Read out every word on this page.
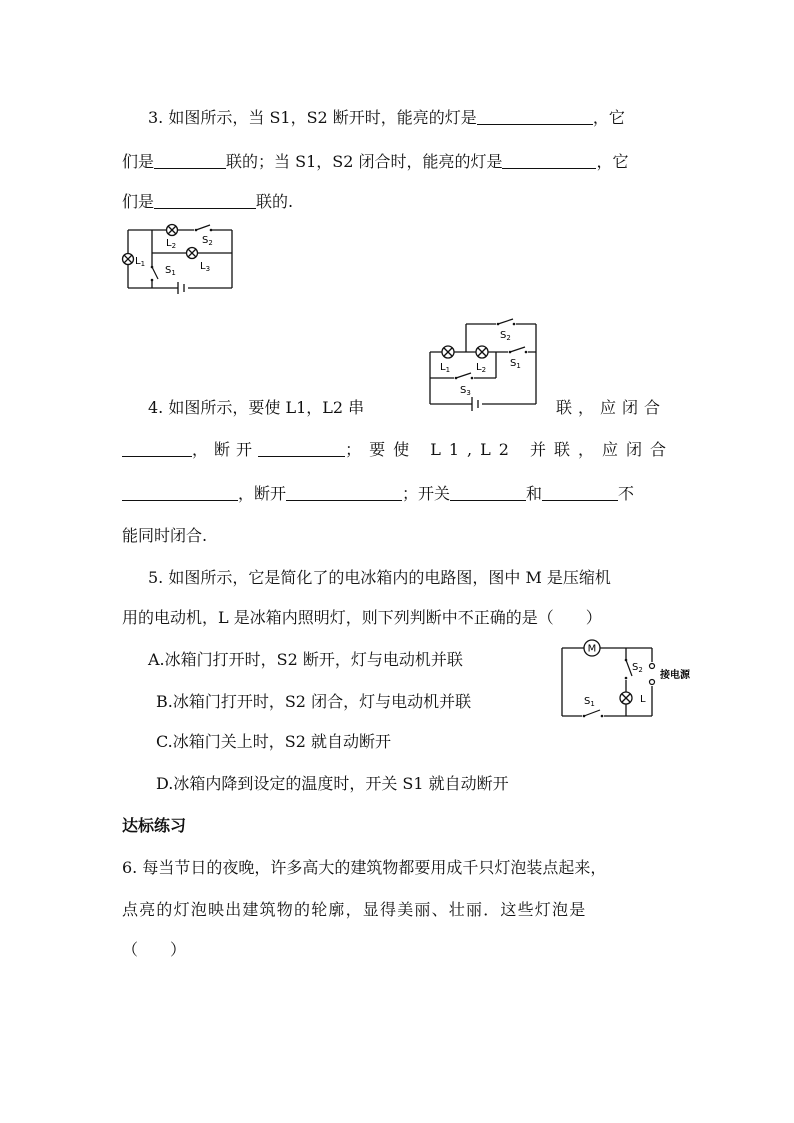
3. 如图所示，当 S1，S2 断开时，能亮的灯是	，它
们是	联的；当 S1，S2 闭合时，能亮的灯是	，它
们是	联的.
$L_1$
$L_2$	$S_2$
$S_1$
$L_3$
$S_2$
$L_1$	$L_2$
$S_1$
$S_3$
4. 如图所示，要使 L1，L2 串	联，应闭合
，断开	；要使 L1,L2 并联，应闭合
，断开	；开关	和	不
能同时闭合.
5. 如图所示，它是简化了的电冰箱内的电路图，图中 M 是压缩机
用的电动机，L 是冰箱内照明灯，则下列判断中不正确的是（　　）
A.冰箱门打开时，S2 断开，灯与电动机并联
B.冰箱门打开时，S2 闭合，灯与电动机并联
C.冰箱门关上时，S2 就自动断开
D.冰箱内降到设定的温度时，开关 S1 就自动断开
M
$S_2$
L
$S_1$
接电源
达标练习
6. 每当节日的夜晚，许多高大的建筑物都要用成千只灯泡装点起来，
点亮的灯泡映出建筑物的轮廓，显得美丽、壮丽．这些灯泡是
（　　）
